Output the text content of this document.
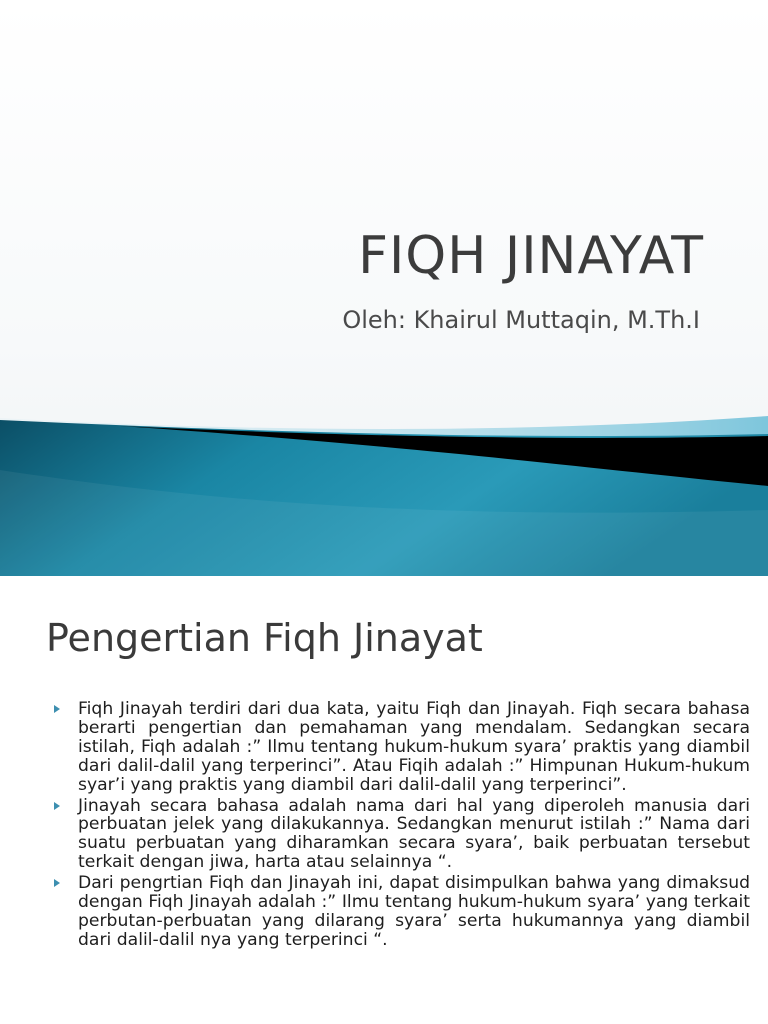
FIQH JINAYAT
Oleh: Khairul Muttaqin, M.Th.I
Pengertian Fiqh Jinayat
Fiqh Jinayah terdiri dari dua kata, yaitu Fiqh dan Jinayah. Fiqh secara bahasa berarti pengertian dan pemahaman yang mendalam. Sedangkan secara istilah, Fiqh adalah :” Ilmu tentang hukum-hukum syara’ praktis yang diambil dari dalil-dalil yang terperinci”. Atau Fiqih adalah :” Himpunan Hukum-hukum syar’i yang praktis yang diambil dari dalil-dalil yang terperinci”.
Jinayah secara bahasa adalah nama dari hal yang diperoleh manusia dari perbuatan jelek yang dilakukannya. Sedangkan menurut istilah :” Nama dari suatu perbuatan yang diharamkan secara syara’, baik perbuatan tersebut terkait dengan jiwa, harta atau selainnya “.
Dari pengrtian Fiqh dan Jinayah ini, dapat disimpulkan bahwa yang dimaksud dengan Fiqh Jinayah adalah :” Ilmu tentang hukum-hukum syara’ yang terkait perbutan-perbuatan yang dilarang syara’ serta hukumannya yang diambil dari dalil-dalil nya yang terperinci “.
